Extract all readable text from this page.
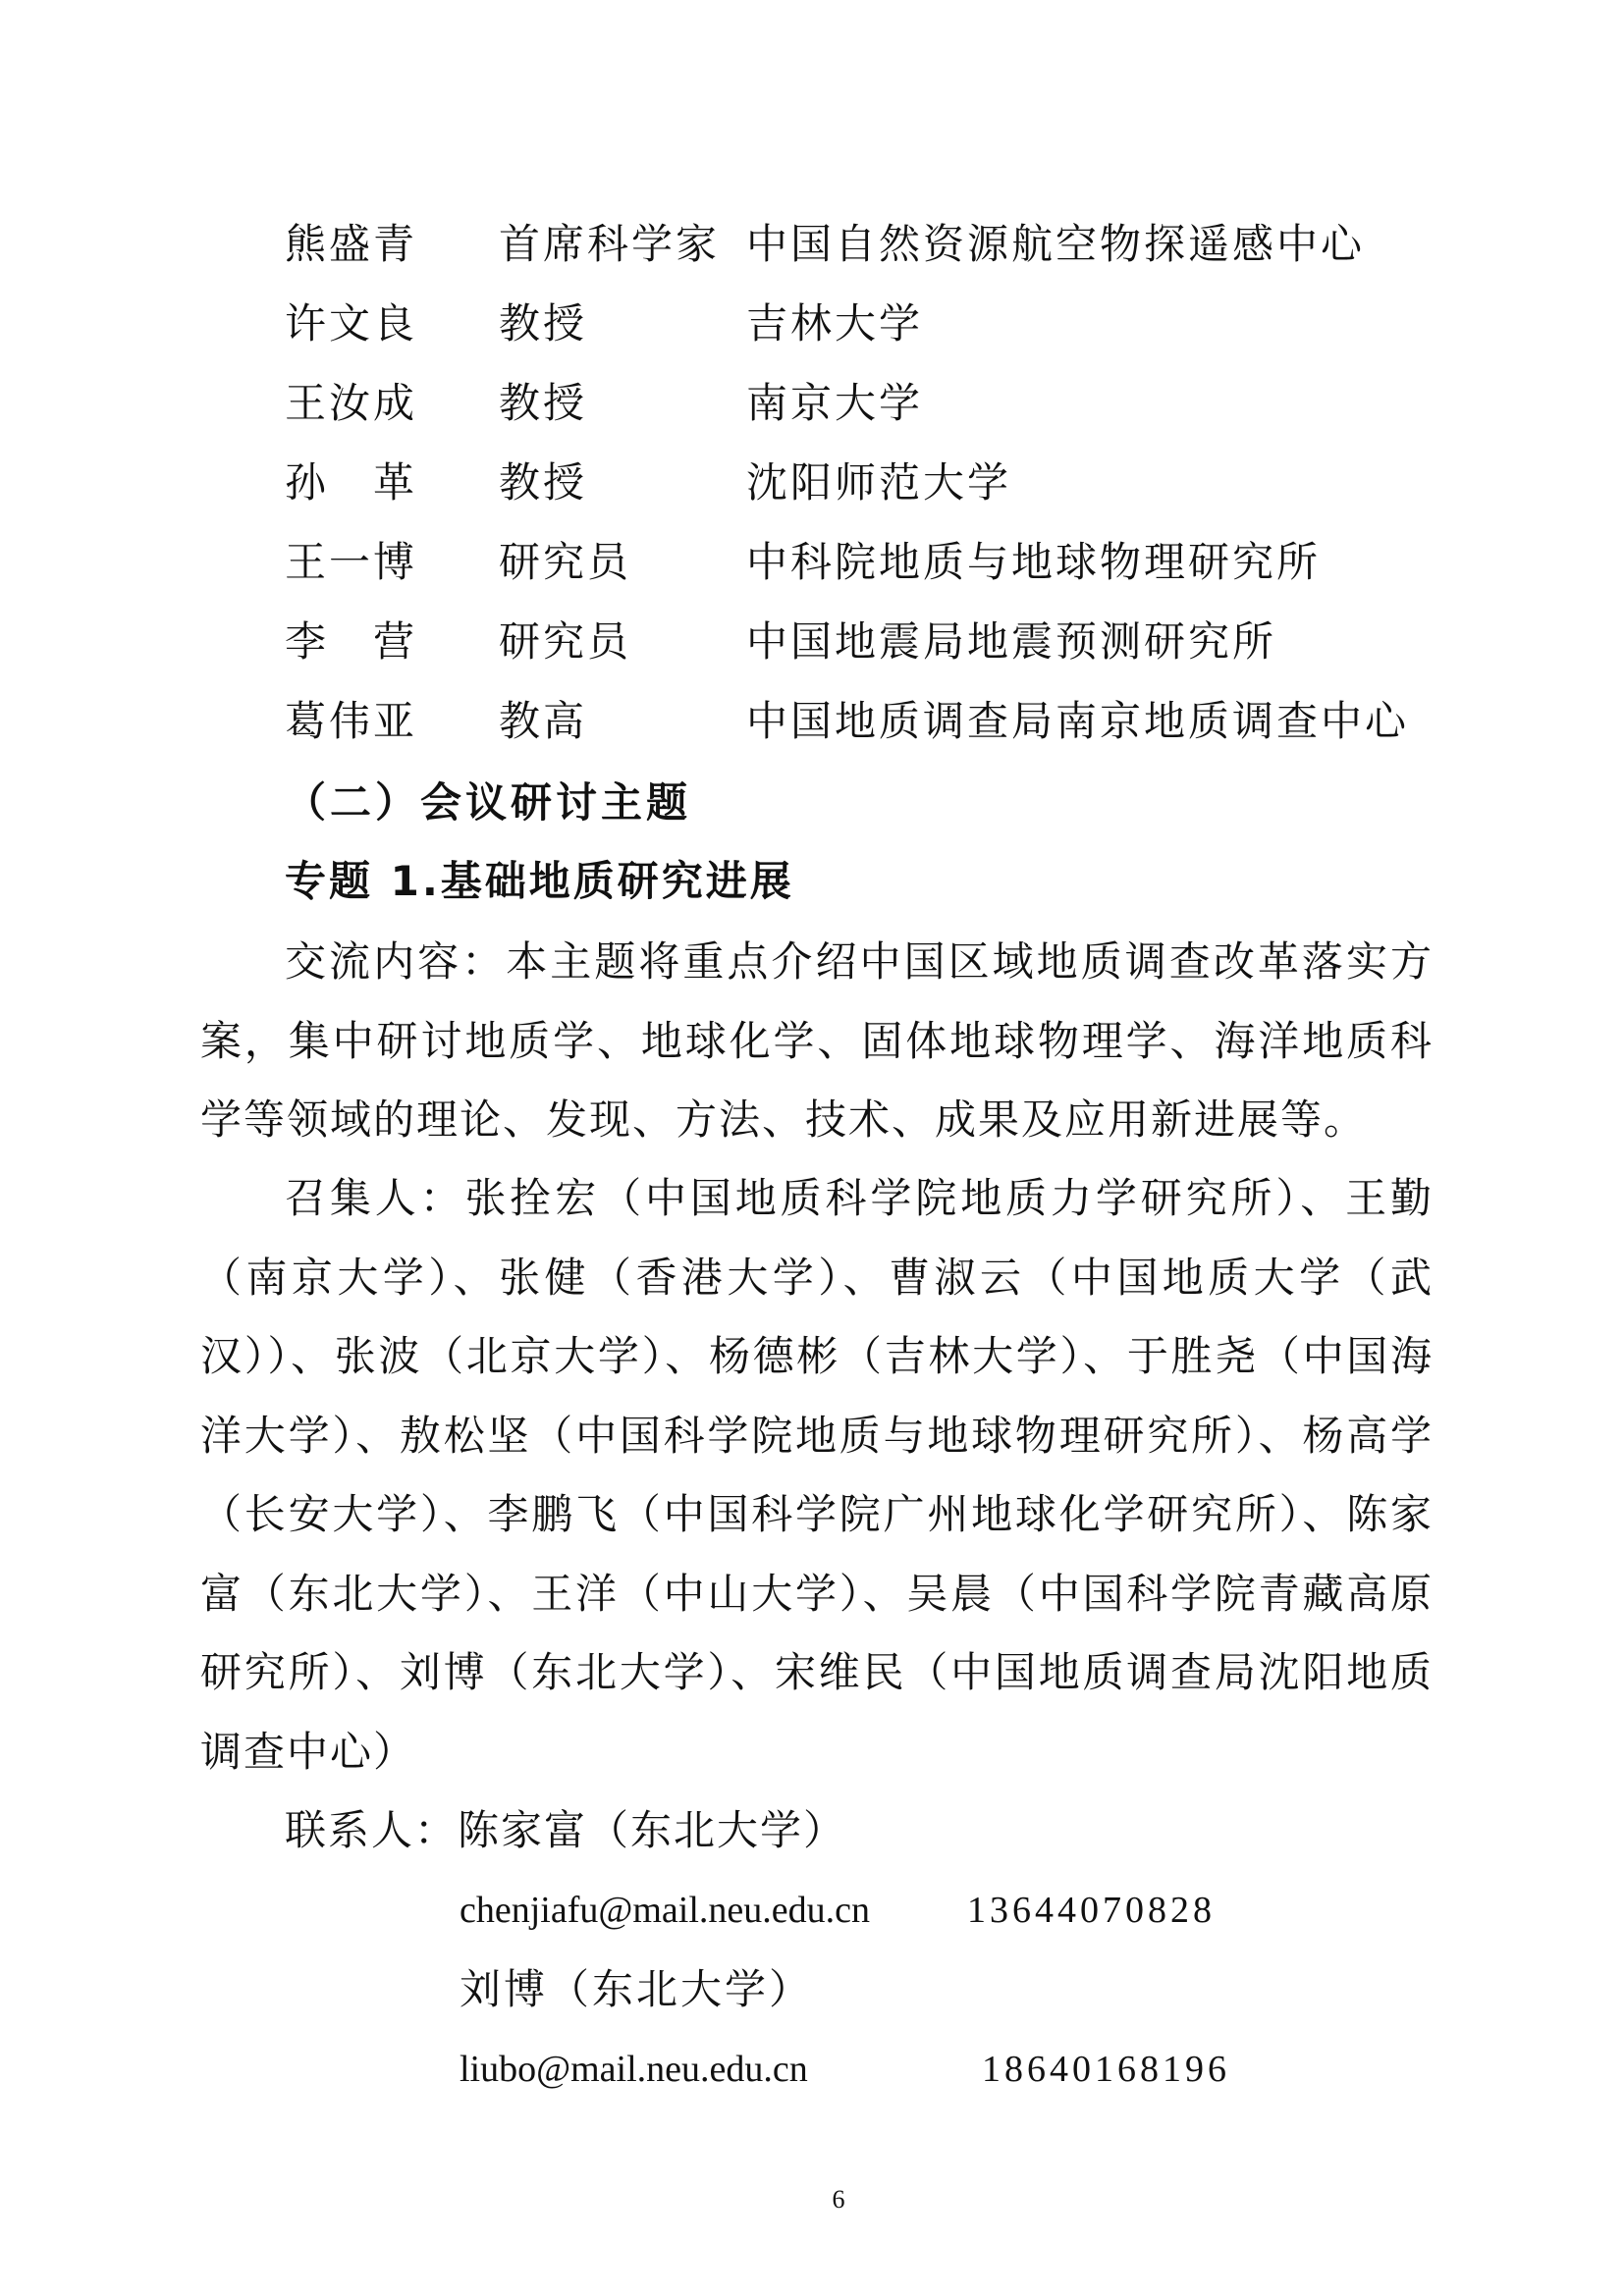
熊盛青 首席科学家 中国自然资源航空物探遥感中心
许文良 教授	吉林大学
王汝成 教授	南京大学
孙　革 教授	沈阳师范大学
王一博 研究员	中科院地质与地球物理研究所
李　营 研究员	中国地震局地震预测研究所
葛伟亚 教高	中国地质调查局南京地质调查中心
（二）会议研讨主题
专题 1.基础地质研究进展

交流内容：本主题将重点介绍中国区域地质调查改革落实方案，集中研讨地质学、地球化学、固体地球物理学、海洋地质科学等领域的理论、发现、方法、技术、成果及应用新进展等。

召集人：张拴宏（中国地质科学院地质力学研究所）、王勤（南京大学）、张健（香港大学）、曹淑云（中国地质大学（武汉））、张波（北京大学）、杨德彬（吉林大学）、于胜尧（中国海洋大学）、敖松坚（中国科学院地质与地球物理研究所）、杨高学（长安大学）、李鹏飞（中国科学院广州地球化学研究所）、陈家富（东北大学）、王洋（中山大学）、吴晨（中国科学院青藏高原研究所）、刘博（东北大学）、宋维民（中国地质调查局沈阳地质调查中心）

联系人：陈家富（东北大学）

chenjiafu@mail.neu.edu.cn	13644070828
刘博（东北大学）
liubo@mail.neu.edu.cn	18640168196
6
